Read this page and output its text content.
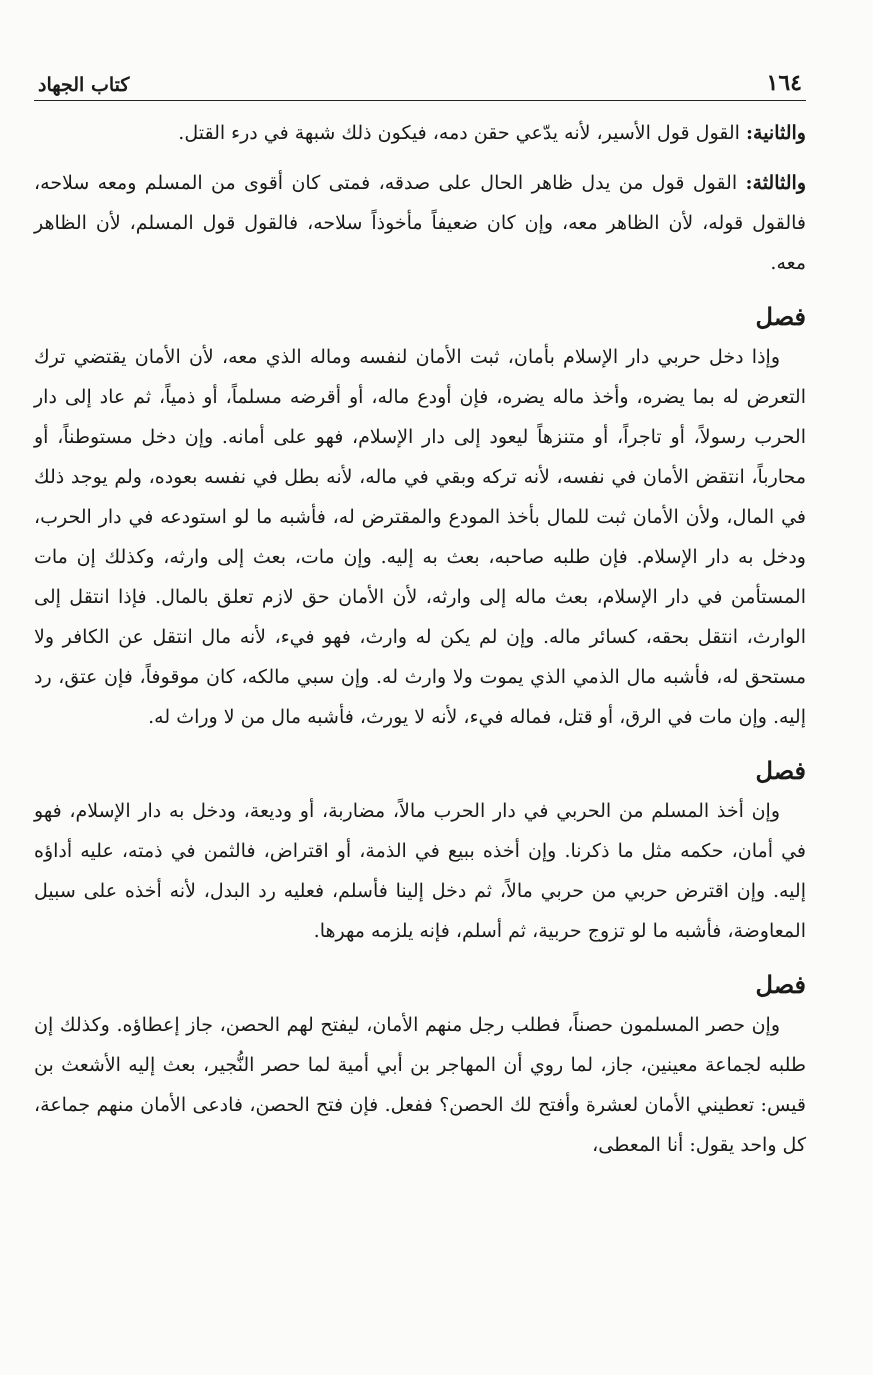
١٦٤
كتاب الجهاد

والثانية: القول قول الأسير، لأنه يدّعي حقن دمه، فيكون ذلك شبهة في درء القتل.

والثالثة: القول قول من يدل ظاهر الحال على صدقه، فمتى كان أقوى من المسلم ومعه سلاحه، فالقول قوله، لأن الظاهر معه، وإن كان ضعيفاً مأخوذاً سلاحه، فالقول قول المسلم، لأن الظاهر معه.

فصل

وإذا دخل حربي دار الإسلام بأمان، ثبت الأمان لنفسه وماله الذي معه، لأن الأمان يقتضي ترك التعرض له بما يضره، وأخذ ماله يضره، فإن أودع ماله، أو أقرضه مسلماً، أو ذمياً، ثم عاد إلى دار الحرب رسولاً، أو تاجراً، أو متنزهاً ليعود إلى دار الإسلام، فهو على أمانه. وإن دخل مستوطناً، أو محارباً، انتقض الأمان في نفسه، لأنه تركه وبقي في ماله، لأنه بطل في نفسه بعوده، ولم يوجد ذلك في المال، ولأن الأمان ثبت للمال بأخذ المودع والمقترض له، فأشبه ما لو استودعه في دار الحرب، ودخل به دار الإسلام. فإن طلبه صاحبه، بعث به إليه. وإن مات، بعث إلى وارثه، وكذلك إن مات المستأمن في دار الإسلام، بعث ماله إلى وارثه، لأن الأمان حق لازم تعلق بالمال. فإذا انتقل إلى الوارث، انتقل بحقه، كسائر ماله. وإن لم يكن له وارث، فهو فيء، لأنه مال انتقل عن الكافر ولا مستحق له، فأشبه مال الذمي الذي يموت ولا وارث له. وإن سبي مالكه، كان موقوفاً، فإن عتق، رد إليه. وإن مات في الرق، أو قتل، فماله فيء، لأنه لا يورث، فأشبه مال من لا وراث له.

فصل

وإن أخذ المسلم من الحربي في دار الحرب مالاً، مضاربة، أو وديعة، ودخل به دار الإسلام، فهو في أمان، حكمه مثل ما ذكرنا. وإن أخذه ببيع في الذمة، أو اقتراض، فالثمن في ذمته، عليه أداؤه إليه. وإن اقترض حربي من حربي مالاً، ثم دخل إلينا فأسلم، فعليه رد البدل، لأنه أخذه على سبيل المعاوضة، فأشبه ما لو تزوج حربية، ثم أسلم، فإنه يلزمه مهرها.

فصل

وإن حصر المسلمون حصناً، فطلب رجل منهم الأمان، ليفتح لهم الحصن، جاز إعطاؤه. وكذلك إن طلبه لجماعة معينين، جاز، لما روي أن المهاجر بن أبي أمية لما حصر النُّجير، بعث إليه الأشعث بن قيس: تعطيني الأمان لعشرة وأفتح لك الحصن؟ ففعل. فإن فتح الحصن، فادعى الأمان منهم جماعة، كل واحد يقول: أنا المعطى،
